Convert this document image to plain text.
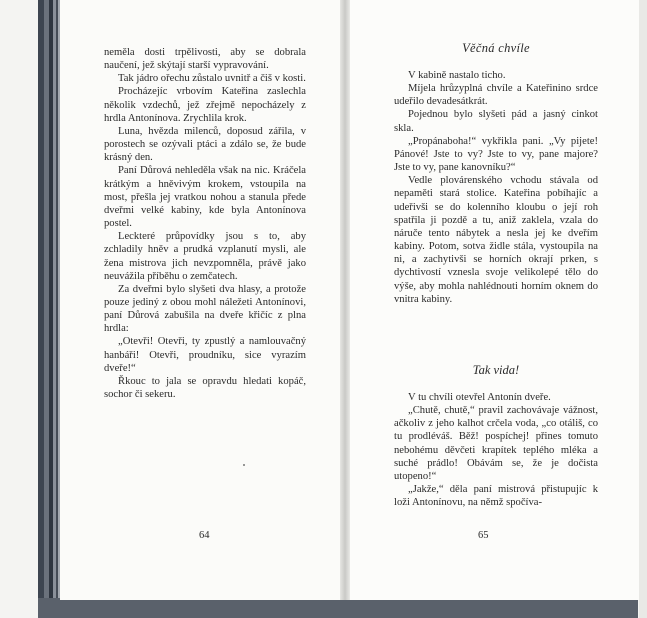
neměla dosti trpělivosti, aby se dobrala naučení, jež skýtají starší vypravování.

Tak jádro ořechu zůstalo uvnitř a čiš v kosti.

Procházejíc vrbovím Kateřina zaslechla několik vzdechů, jež zřejmě nepocházely z hrdla Antonínova. Zrychlila krok.

Luna, hvězda milenců, doposud zářila, v porostech se ozývali ptáci a zdálo se, že bude krásný den.

Paní Důrová nehleděla však na nic. Kráčela krátkým a hněvivým krokem, vstoupila na most, přešla jej vratkou nohou a stanula přede dveřmi velké kabiny, kde byla Antonínova postel.

Leckteré průpovídky jsou s to, aby zchladily hněv a prudká vzplanutí mysli, ale žena mistrova jich nevzpomněla, právě jako neuvážila příběhu o zemčatech.

Za dveřmi bylo slyšeti dva hlasy, a protože pouze jediný z obou mohl náležeti Antonínovi, paní Důrová zabušila na dveře křičíc z plna hrdla:

„Otevři! Otevři, ty zpustlý a namlouvačný hanbáři! Otevři, proudníku, sice vyrazím dveře!“

Řkouc to jala se opravdu hledati kopáč, sochor či sekeru.

Věčná chvíle

V kabině nastalo ticho.

Míjela hrůzyplná chvíle a Kateřinino srdce udeřilo devadesátkrát.

Pojednou bylo slyšeti pád a jasný cinkot skla.

„Propánaboha!“ vykřikla pani. „Vy pijete! Pánové! Jste to vy? Jste to vy, pane majore? Jste to vy, pane kanovníku?“

Vedle plovárenského vchodu stávala od nepaměti stará stolice. Kateřina pobíhajíc a udeřivši se do kolenního kloubu o její roh spatřila ji pozdě a tu, aniž zaklela, vzala do náruče tento nábytek a nesla jej ke dveřím kabiny. Potom, sotva židle stála, vystoupila na ni, a zachytivši se horních okrají prken, s dychtivostí vznesla svoje velikolepé tělo do výše, aby mohla nahlédnouti horním oknem do vnitra kabiny.

Tak vida!

V tu chvíli otevřel Antonín dveře.

„Chutě, chutě,“ pravil zachovávaje vážnost, ačkoliv z jeho kalhot crčela voda, „co otáliš, co tu prodléváš. Běž! pospíchej! přines tomuto nebohému děvčeti krapítek teplého mléka a suché prádlo! Obávám se, že je dočista utopeno!“

„Jakže,“ děla paní mistrová přistupujíc k loži Antonínovu, na němž spočíva-

64	65
